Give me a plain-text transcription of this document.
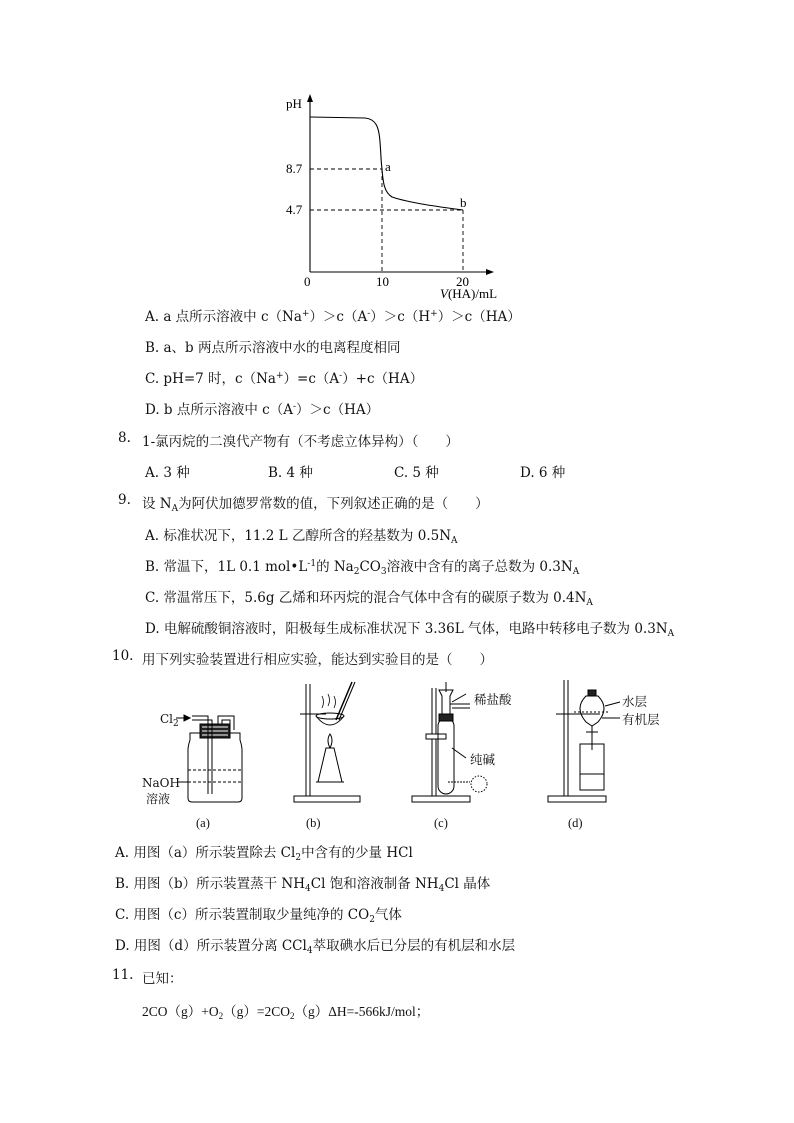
pH
8.7
4.7
0	10	20
a
b
V(HA)/mL
A. a 点所示溶液中 c（Na+）＞c（A-）＞c（H+）＞c（HA）
B. a、b 两点所示溶液中水的电离程度相同
C. pH=7 时，c（Na+）=c（A-）+c（HA）
D. b 点所示溶液中 c（A-）＞c（HA）
8. 1-氯丙烷的二溴代产物有（不考虑立体异构）（　　）
A. 3 种	B. 4 种	C. 5 种	D. 6 种
9. 设 $N_A$为阿伏加德罗常数的值，下列叙述正确的是（　　）
A. 标准状况下，11.2 L 乙醇所含的羟基数为 $0.5N_A$
B. 常温下，1L 0.1 $mol•L^{-1}$的 $Na_2CO_3$溶液中含有的离子总数为 $0.3N_A$
C. 常温常压下，5.6g 乙烯和环丙烷的混合气体中含有的碳原子数为 $0.4N_A$
D. 电解硫酸铜溶液时，阳极每生成标准状况下 3.36L 气体，电路中转移电子数为 $0.3N_A$
10. 用下列实验装置进行相应实验，能达到实验目的是（　　）
$Cl_2$
NaOH
溶液
稀盐酸
纯碱
水层
有机层
(a)	(b)	(c)	(d)
A. 用图（a）所示装置除去 $Cl_2$中含有的少量 HCl
B. 用图（b）所示装置蒸干 $NH_4Cl$ 饱和溶液制备 $NH_4Cl$ 晶体
C. 用图（c）所示装置制取少量纯净的 $CO_2$气体
D. 用图（d）所示装置分离 CCl$_4$萃取碘水后已分层的有机层和水层
11. 已知：
$2CO(g)+O_2(g)=2CO_2(g)\Delta H=-566kJ$/mol；
